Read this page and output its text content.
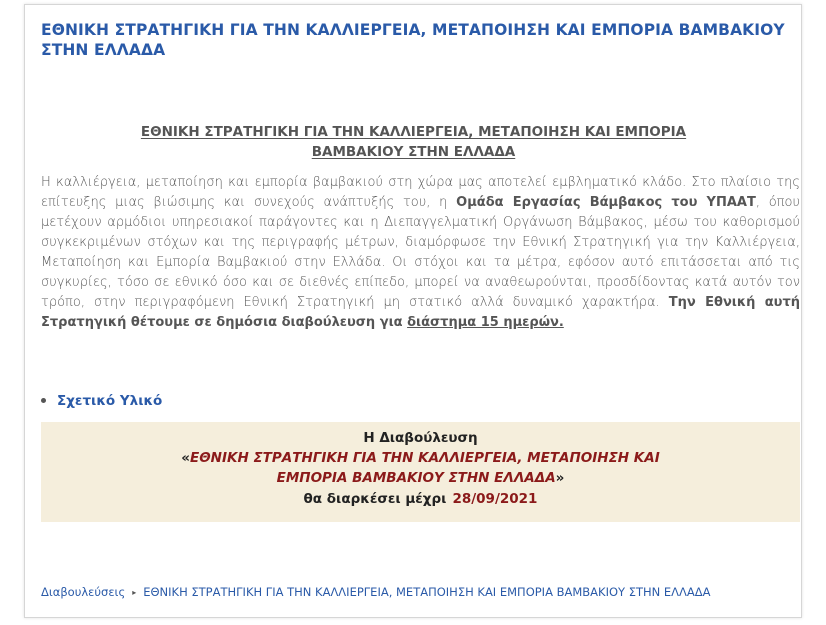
ΕΘΝΙΚΗ ΣΤΡΑΤΗΓΙΚΗ ΓΙΑ ΤΗΝ ΚΑΛΛΙΕΡΓΕΙΑ, ΜΕΤΑΠΟΙΗΣΗ ΚΑΙ ΕΜΠΟΡΙΑ ΒΑΜΒΑΚΙΟΥ ΣΤΗΝ ΕΛΛΑΔΑ
ΕΘΝΙΚΗ ΣΤΡΑΤΗΓΙΚΗ ΓΙΑ ΤΗΝ ΚΑΛΛΙΕΡΓΕΙΑ, ΜΕΤΑΠΟΙΗΣΗ ΚΑΙ ΕΜΠΟΡΙΑ
ΒΑΜΒΑΚΙΟΥ ΣΤΗΝ ΕΛΛΑΔΑ

Η καλλιέργεια, μεταποίηση και εμπορία βαμβακιού στη χώρα μας αποτελεί εμβληματικό κλάδο. Στο πλαίσιο της επίτευξης μιας βιώσιμης και συνεχούς ανάπτυξής του, η Ομάδα Εργασίας Βάμβακος του ΥΠΑΑΤ, όπου μετέχουν αρμόδιοι υπηρεσιακοί παράγοντες και η Διεπαγγελματική Οργάνωση Βάμβακος, μέσω του καθορισμού συγκεκριμένων στόχων και της περιγραφής μέτρων, διαμόρφωσε την Εθνική Στρατηγική για την Καλλιέργεια, Μεταποίηση και Εμπορία Βαμβακιού στην Ελλάδα. Οι στόχοι και τα μέτρα, εφόσον αυτό επιτάσσεται από τις συγκυρίες, τόσο σε εθνικό όσο και σε διεθνές επίπεδο, μπορεί να αναθεωρούνται, προσδίδοντας κατά αυτόν τον τρόπο, στην περιγραφόμενη Εθνική Στρατηγική μη στατικό αλλά δυναμικό χαρακτήρα. Την Εθνική αυτή Στρατηγική θέτουμε σε δημόσια διαβούλευση για διάστημα 15 ημερών.

Σχετικό Υλικό
Η Διαβούλευση
«ΕΘΝΙΚΗ ΣΤΡΑΤΗΓΙΚΗ ΓΙΑ ΤΗΝ ΚΑΛΛΙΕΡΓΕΙΑ, ΜΕΤΑΠΟΙΗΣΗ ΚΑΙ
ΕΜΠΟΡΙΑ ΒΑΜΒΑΚΙΟΥ ΣΤΗΝ ΕΛΛΑΔΑ»
θα διαρκέσει μέχρι 28/09/2021
Διαβουλεύσεις ▸ ΕΘΝΙΚΗ ΣΤΡΑΤΗΓΙΚΗ ΓΙΑ ΤΗΝ ΚΑΛΛΙΕΡΓΕΙΑ, ΜΕΤΑΠΟΙΗΣΗ ΚΑΙ ΕΜΠΟΡΙΑ ΒΑΜΒΑΚΙΟΥ ΣΤΗΝ ΕΛΛΑΔΑ
